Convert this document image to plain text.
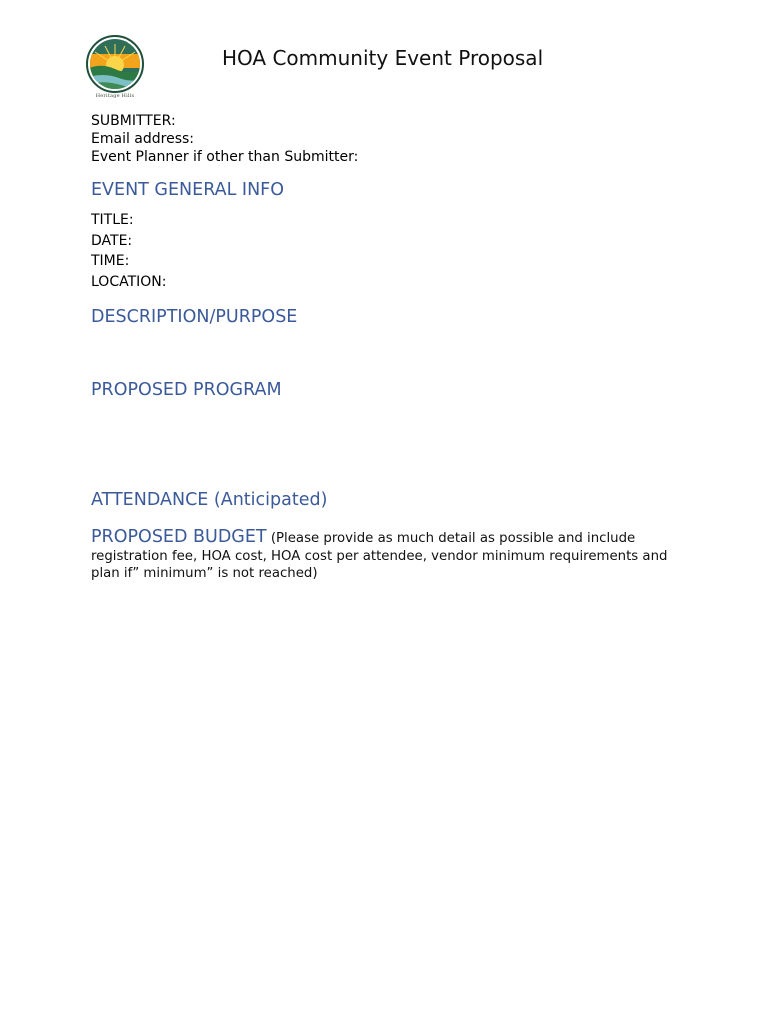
Heritage Hills
HOA Community Event Proposal
SUBMITTER:
Email address:
Event Planner if other than Submitter:
EVENT GENERAL INFO
TITLE:
DATE:
TIME:
LOCATION:
DESCRIPTION/PURPOSE
PROPOSED PROGRAM
ATTENDANCE (Anticipated)
PROPOSED BUDGET (Please provide as much detail as possible and include
registration fee, HOA cost, HOA cost per attendee, vendor minimum requirements and plan if” minimum” is not reached)
